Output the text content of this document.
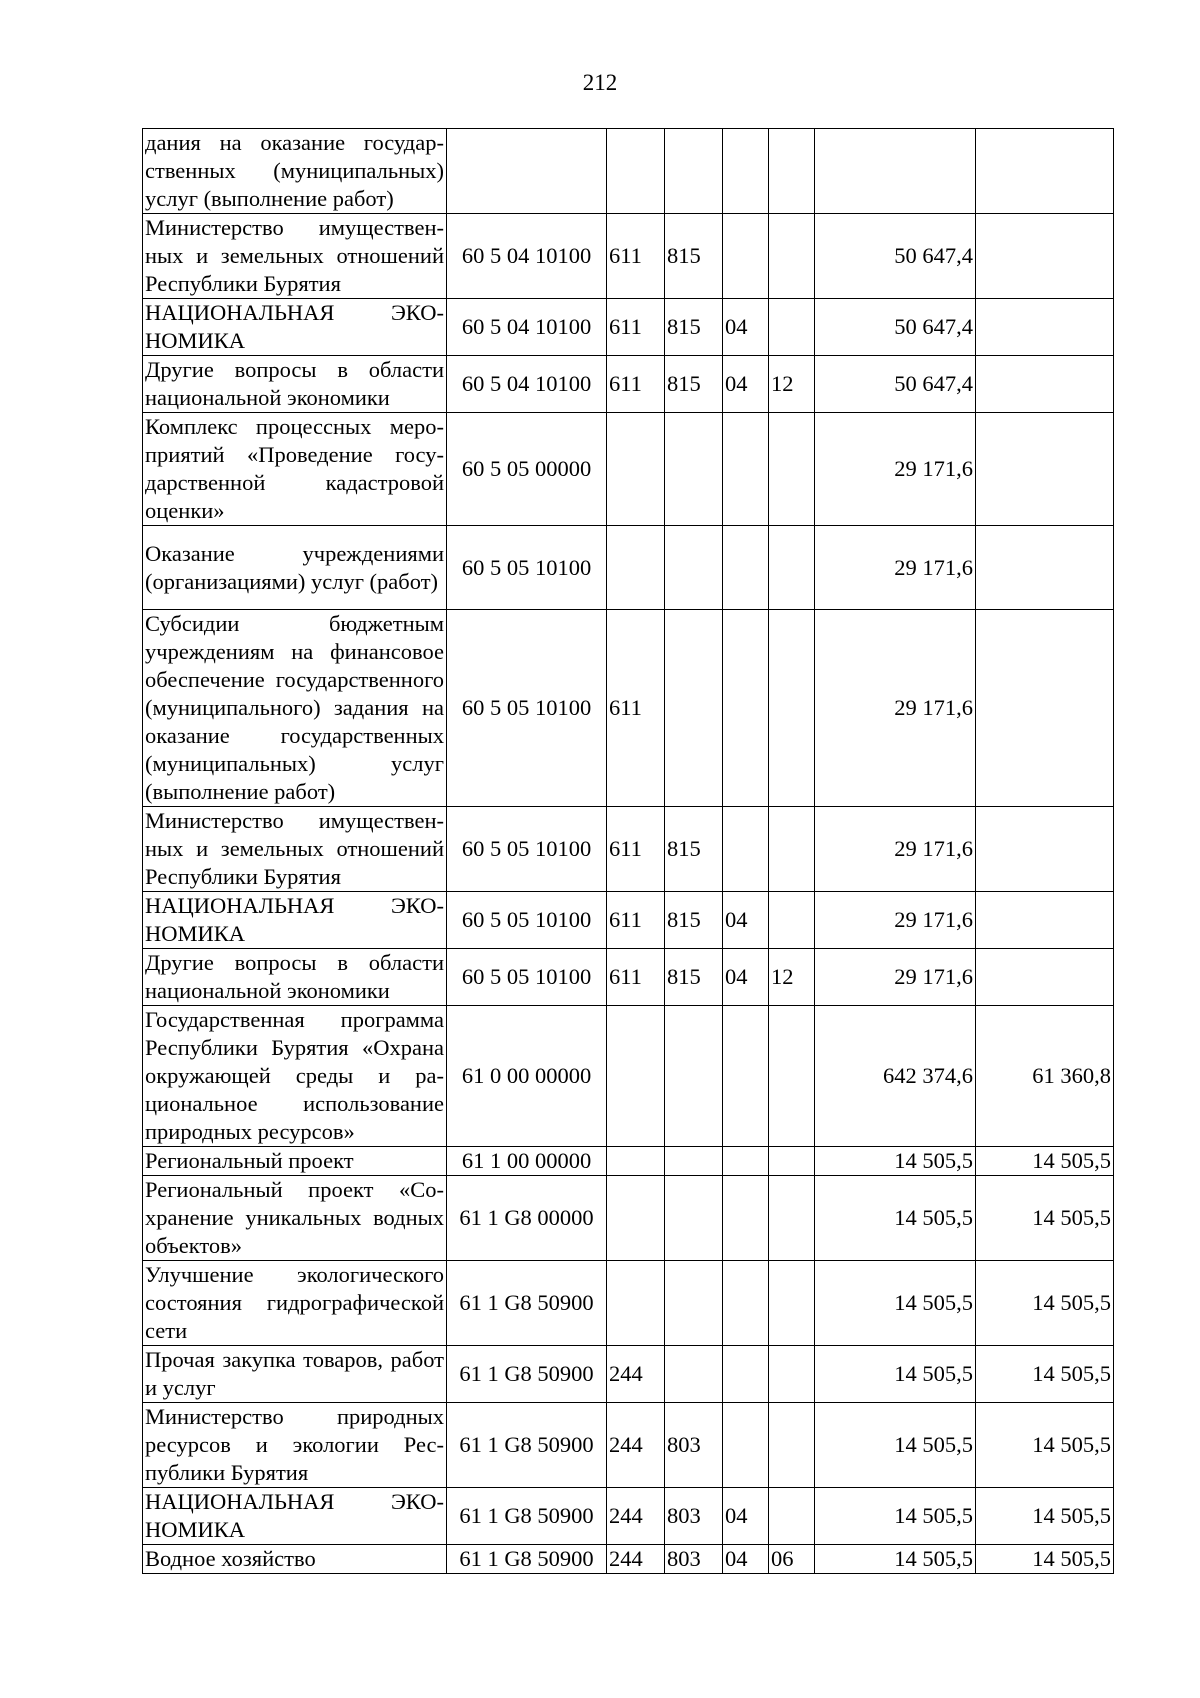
212
дания на оказание государственных (муниципальных) услуг (выполнение работ)							
Министерство имущественных и земельных отношений Республики Бурятия	60 5 04 10100	611	815			50 647,4	
НАЦИОНАЛЬНАЯ ЭКОНОМИКА	60 5 04 10100	611	815	04		50 647,4	
Другие вопросы в области национальной экономики	60 5 04 10100	611	815	04	12	50 647,4	
Комплекс процессных мероприятий «Проведение государственной кадастровой оценки»	60 5 05 00000					29 171,6	
Оказание учреждениями (организациями) услуг (работ)	60 5 05 10100					29 171,6	
Субсидии бюджетным учреждениям на финансовое обеспечение государственного (муниципального) задания на оказание государственных (муниципальных) услуг (выполнение работ)	60 5 05 10100	611				29 171,6	
Министерство имущественных и земельных отношений Республики Бурятия	60 5 05 10100	611	815			29 171,6	
НАЦИОНАЛЬНАЯ ЭКОНОМИКА	60 5 05 10100	611	815	04		29 171,6	
Другие вопросы в области национальной экономики	60 5 05 10100	611	815	04	12	29 171,6	
Государственная программа Республики Бурятия «Охрана окружающей среды и рациональное использование природных ресурсов»	61 0 00 00000					642 374,6	61 360,8
Региональный проект	61 1 00 00000					14 505,5	14 505,5
Региональный проект «Сохранение уникальных водных объектов»	61 1 G8 00000					14 505,5	14 505,5
Улучшение экологического состояния гидрографической сети	61 1 G8 50900					14 505,5	14 505,5
Прочая закупка товаров, работ и услуг	61 1 G8 50900	244				14 505,5	14 505,5
Министерство природных ресурсов и экологии Республики Бурятия	61 1 G8 50900	244	803			14 505,5	14 505,5
НАЦИОНАЛЬНАЯ ЭКОНОМИКА	61 1 G8 50900	244	803	04		14 505,5	14 505,5
Водное хозяйство	61 1 G8 50900	244	803	04	06	14 505,5	14 505,5
